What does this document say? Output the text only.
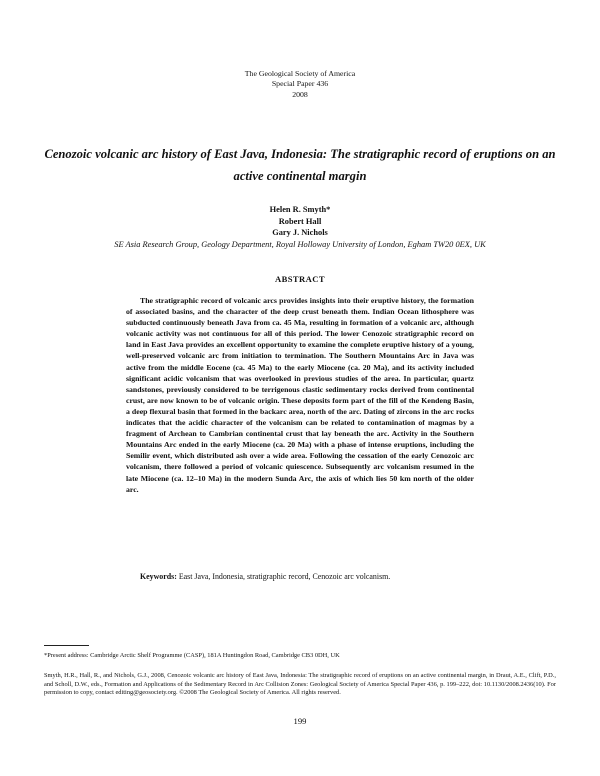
The Geological Society of America
Special Paper 436
2008
Cenozoic volcanic arc history of East Java, Indonesia: The stratigraphic record of eruptions on an active continental margin
Helen R. Smyth*
Robert Hall
Gary J. Nichols
SE Asia Research Group, Geology Department, Royal Holloway University of London, Egham TW20 0EX, UK
ABSTRACT

The stratigraphic record of volcanic arcs provides insights into their eruptive history, the formation of associated basins, and the character of the deep crust beneath them. Indian Ocean lithosphere was subducted continuously beneath Java from ca. 45 Ma, resulting in formation of a volcanic arc, although volcanic activity was not continuous for all of this period. The lower Cenozoic stratigraphic record on land in East Java provides an excellent opportunity to examine the complete eruptive history of a young, well-preserved volcanic arc from initiation to termination. The Southern Mountains Arc in Java was active from the middle Eocene (ca. 45 Ma) to the early Miocene (ca. 20 Ma), and its activity included significant acidic volcanism that was overlooked in previous studies of the area. In particular, quartz sandstones, previously considered to be terrigenous clastic sedimentary rocks derived from continental crust, are now known to be of volcanic origin. These deposits form part of the fill of the Kendeng Basin, a deep flexural basin that formed in the backarc area, north of the arc. Dating of zircons in the arc rocks indicates that the acidic character of the volcanism can be related to contamination of magmas by a fragment of Archean to Cambrian continental crust that lay beneath the arc. Activity in the Southern Mountains Arc ended in the early Miocene (ca. 20 Ma) with a phase of intense eruptions, including the Semilir event, which distributed ash over a wide area. Following the cessation of the early Cenozoic arc volcanism, there followed a period of volcanic quiescence. Subsequently arc volcanism resumed in the late Miocene (ca. 12–10 Ma) in the modern Sunda Arc, the axis of which lies 50 km north of the older arc.

Keywords: East Java, Indonesia, stratigraphic record, Cenozoic arc volcanism.
*Present address: Cambridge Arctic Shelf Programme (CASP), 181A Huntingdon Road, Cambridge CB3 0DH, UK

Smyth, H.R., Hall, R., and Nichols, G.J., 2008, Cenozoic volcanic arc history of East Java, Indonesia: The stratigraphic record of eruptions on an active continental margin, in Draut, A.E., Clift, P.D., and Scholl, D.W., eds., Formation and Applications of the Sedimentary Record in Arc Collision Zones: Geological Society of America Special Paper 436, p. 199–222, doi: 10.1130/2008.2436(10). For permission to copy, contact editing@geosociety.org. ©2008 The Geological Society of America. All rights reserved.

199
